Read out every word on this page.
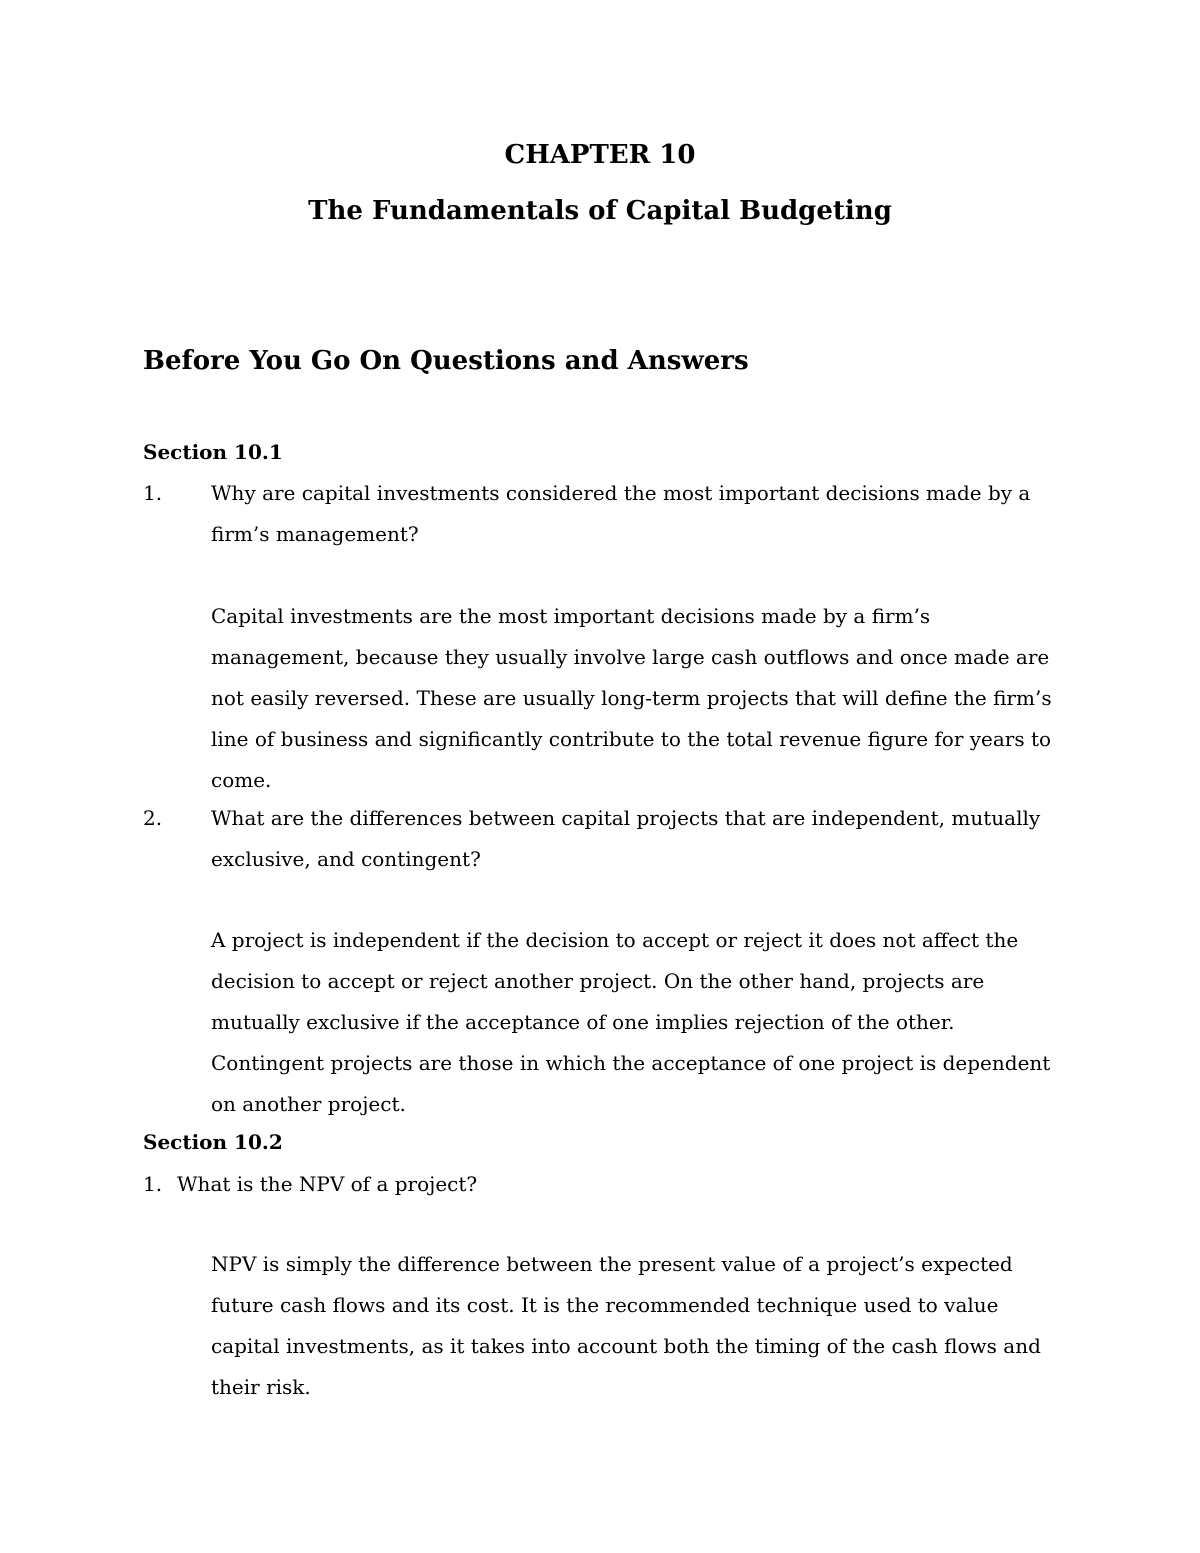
CHAPTER 10
The Fundamentals of Capital Budgeting
Before You Go On Questions and Answers
Section 10.1
1. Why are capital investments considered the most important decisions made by a firm’s management?
Capital investments are the most important decisions made by a firm’s management, because they usually involve large cash outflows and once made are not easily reversed. These are usually long-term projects that will define the firm’s line of business and significantly contribute to the total revenue figure for years to come.
2. What are the differences between capital projects that are independent, mutually exclusive, and contingent?
A project is independent if the decision to accept or reject it does not affect the decision to accept or reject another project. On the other hand, projects are mutually exclusive if the acceptance of one implies rejection of the other. Contingent projects are those in which the acceptance of one project is dependent on another project.
Section 10.2
1. What is the NPV of a project?
NPV is simply the difference between the present value of a project’s expected future cash flows and its cost. It is the recommended technique used to value capital investments, as it takes into account both the timing of the cash flows and their risk.
